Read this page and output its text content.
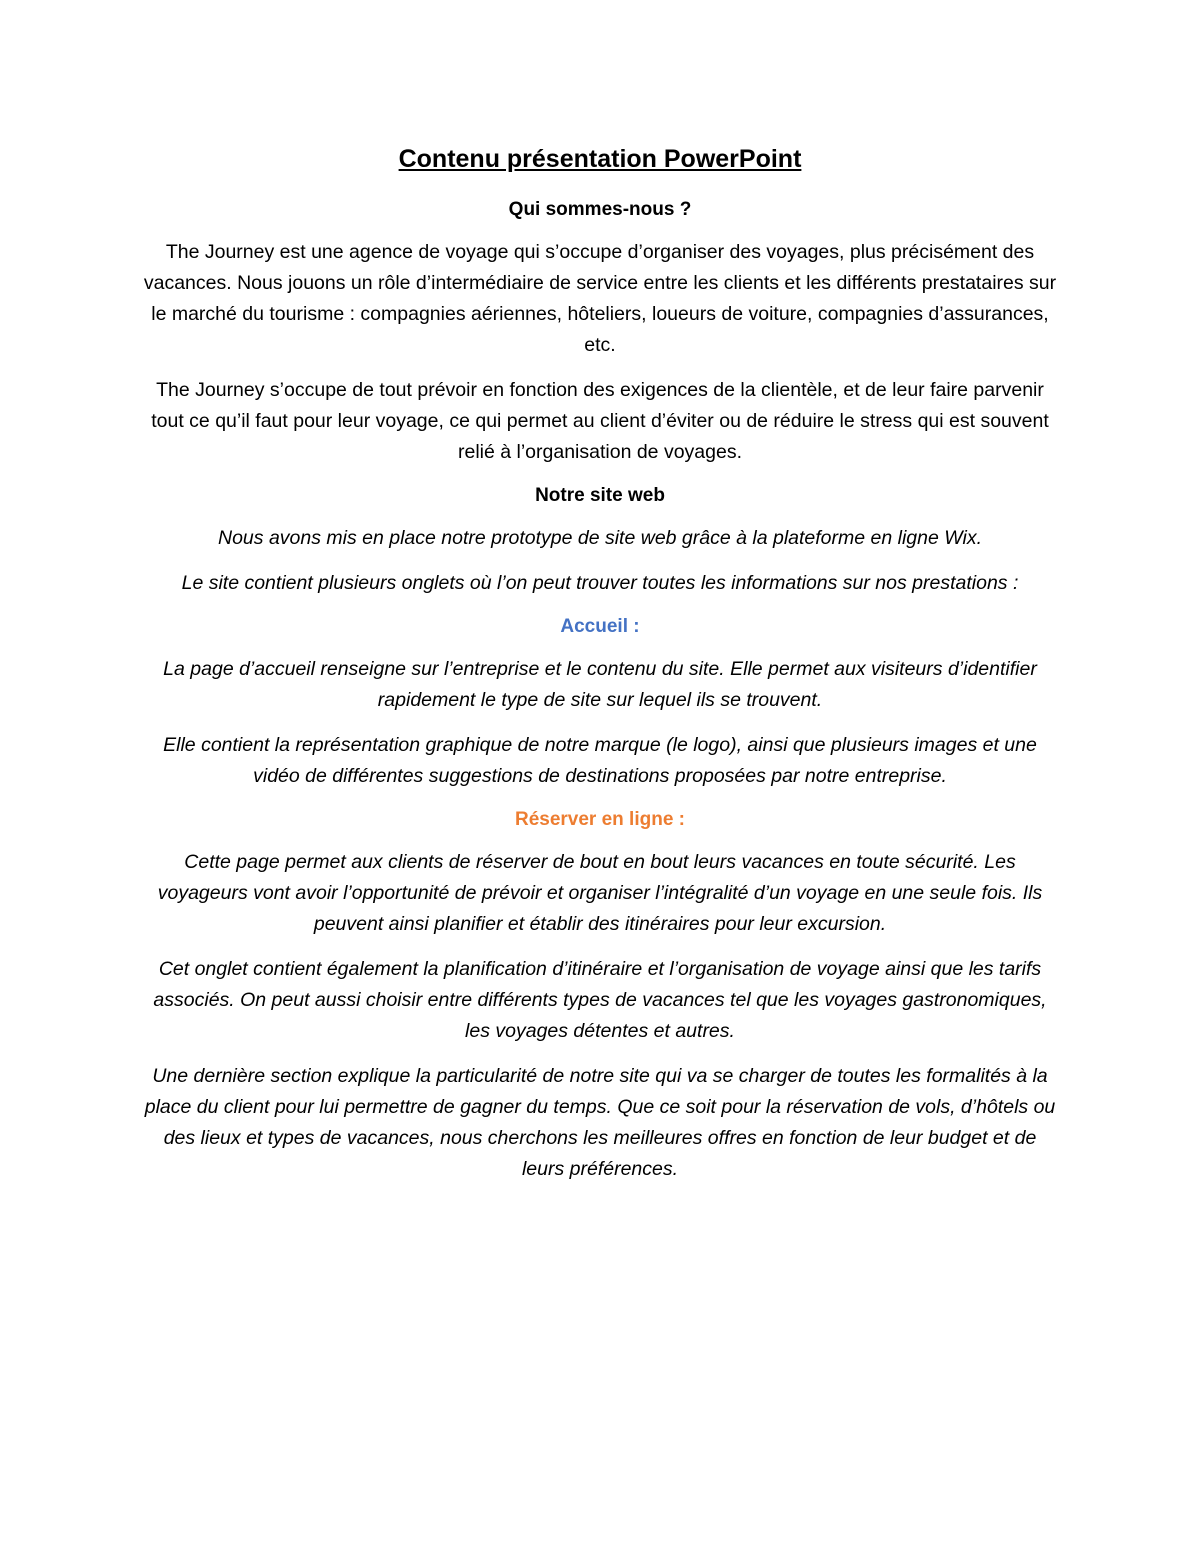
Contenu présentation PowerPoint
Qui sommes-nous ?

The Journey est une agence de voyage qui s’occupe d’organiser des voyages, plus précisément des vacances. Nous jouons un rôle d’intermédiaire de service entre les clients et les différents prestataires sur le marché du tourisme : compagnies aériennes, hôteliers, loueurs de voiture, compagnies d’assurances, etc.

The Journey s’occupe de tout prévoir en fonction des exigences de la clientèle, et de leur faire parvenir tout ce qu’il faut pour leur voyage, ce qui permet au client d’éviter ou de réduire le stress qui est souvent relié à l’organisation de voyages.

Notre site web

Nous avons mis en place notre prototype de site web grâce à la plateforme en ligne Wix.

Le site contient plusieurs onglets où l’on peut trouver toutes les informations sur nos prestations :

Accueil :

La page d’accueil renseigne sur l’entreprise et le contenu du site. Elle permet aux visiteurs d’identifier rapidement le type de site sur lequel ils se trouvent.

Elle contient la représentation graphique de notre marque (le logo), ainsi que plusieurs images et une vidéo de différentes suggestions de destinations proposées par notre entreprise.

Réserver en ligne :

Cette page permet aux clients de réserver de bout en bout leurs vacances en toute sécurité. Les voyageurs vont avoir l’opportunité de prévoir et organiser l’intégralité d’un voyage en une seule fois. Ils peuvent ainsi planifier et établir des itinéraires pour leur excursion.

Cet onglet contient également la planification d’itinéraire et l’organisation de voyage ainsi que les tarifs associés. On peut aussi choisir entre différents types de vacances tel que les voyages gastronomiques, les voyages détentes et autres.

Une dernière section explique la particularité de notre site qui va se charger de toutes les formalités à la place du client pour lui permettre de gagner du temps. Que ce soit pour la réservation de vols, d’hôtels ou des lieux et types de vacances, nous cherchons les meilleures offres en fonction de leur budget et de leurs préférences.
